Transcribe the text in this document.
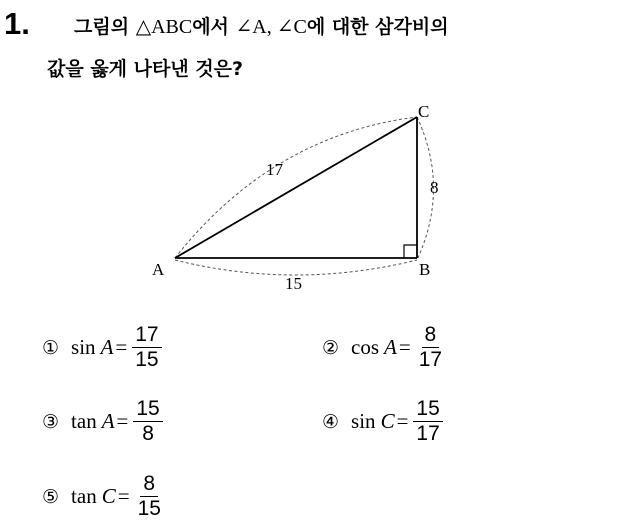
1. 그림의 △ABC에서 ∠A, ∠C에 대한 삼각비의
값을 옳게 나타낸 것은?
A	B
C
17
15
8
① $\sin A = \frac{17}{15}$	② $\cos A = \frac{8}{17}$
③ $\tan A = \frac{15}{8}$	④ $\sin C = \frac{15}{17}$
⑤ $\tan C = \frac{8}{15}$
